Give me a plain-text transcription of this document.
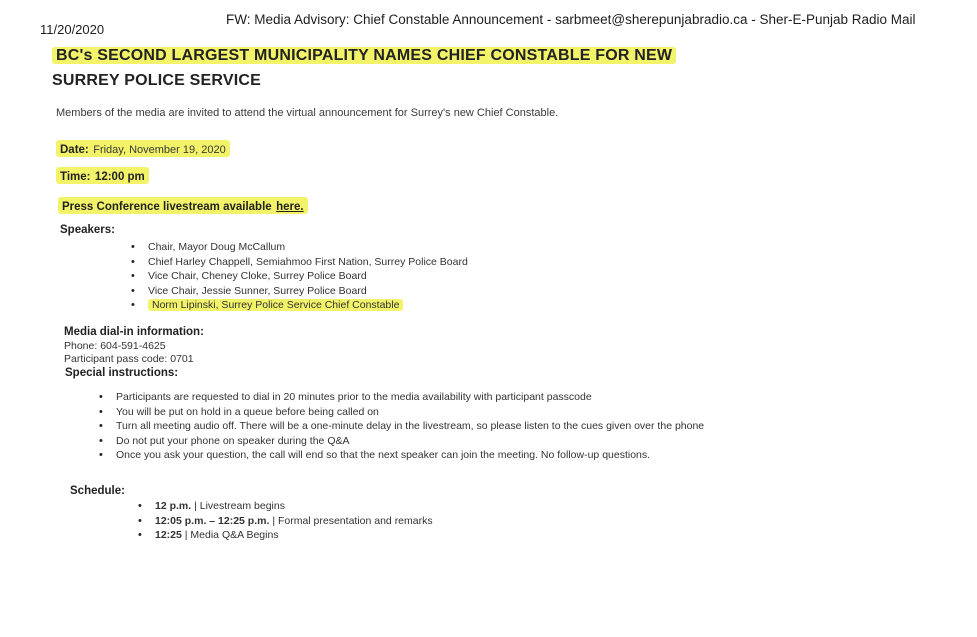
11/20/2020
FW: Media Advisory: Chief Constable Announcement - sarbmeet@sherepunjabradio.ca - Sher-E-Punjab Radio Mail
BC's SECOND LARGEST MUNICIPALITY NAMES CHIEF CONSTABLE FOR NEW
SURREY POLICE SERVICE
Members of the media are invited to attend the virtual announcement for Surrey's new Chief Constable.
Date: Friday, November 19, 2020
Time: 12:00 pm
Press Conference livestream available here.
Speakers:
• Chair, Mayor Doug McCallum
• Chief Harley Chappell, Semiahmoo First Nation, Surrey Police Board
• Vice Chair, Cheney Cloke, Surrey Police Board
• Vice Chair, Jessie Sunner, Surrey Police Board
• Norm Lipinski, Surrey Police Service Chief Constable
Media dial-in information:
Phone: 604-591-4625
Participant pass code: 0701
Special instructions:
• Participants are requested to dial in 20 minutes prior to the media availability with participant passcode
• You will be put on hold in a queue before being called on
• Turn all meeting audio off. There will be a one-minute delay in the livestream, so please listen to the cues given over the phone
• Do not put your phone on speaker during the Q&A
• Once you ask your question, the call will end so that the next speaker can join the meeting. No follow-up questions.
Schedule:
• 12 p.m. | Livestream begins
• 12:05 p.m. – 12:25 p.m. | Formal presentation and remarks
• 12:25 | Media Q&A Begins
